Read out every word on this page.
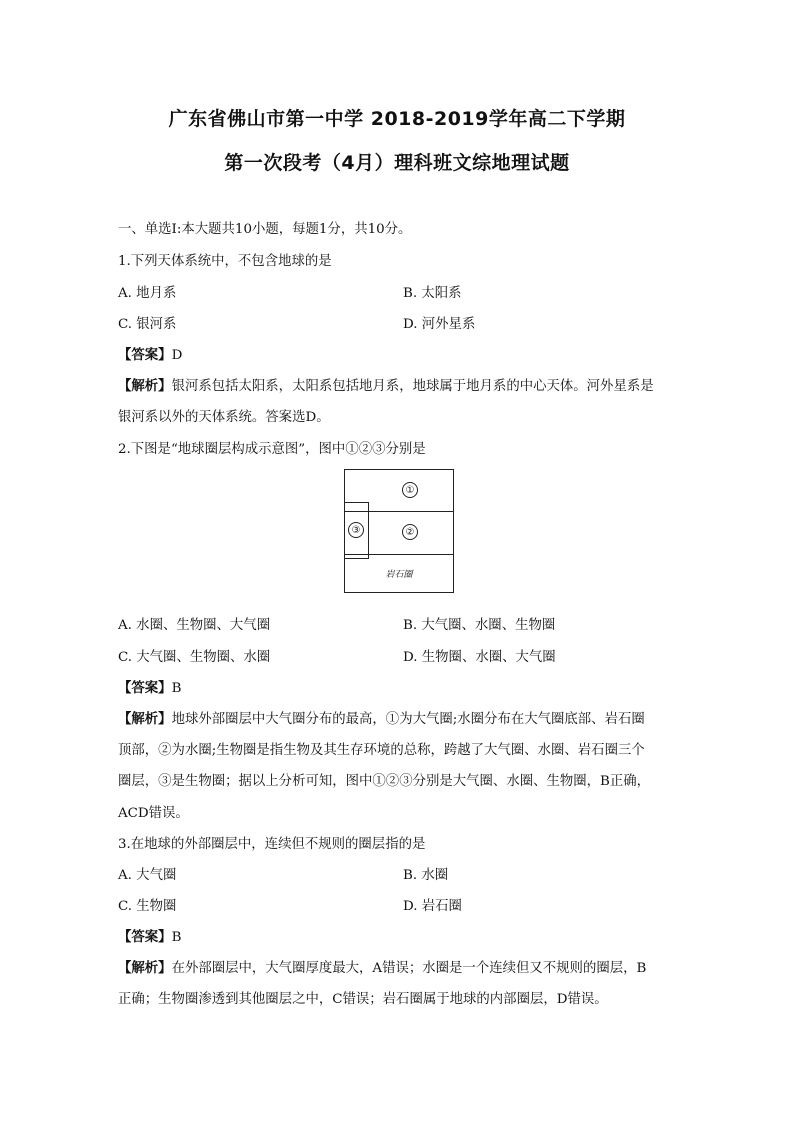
广东省佛山市第一中学 2018-2019学年高二下学期
第一次段考（4月）理科班文综地理试题
一、单选Ⅰ:本大题共10小题，每题1分，共10分。
1.下列天体系统中，不包含地球的是
A. 地月系	B. 太阳系
C. 银河系	D. 河外星系
【答案】D
【解析】银河系包括太阳系，太阳系包括地月系，地球属于地月系的中心天体。河外星系是
银河系以外的天体系统。答案选D。
2.下图是“地球圈层构成示意图”，图中①②③分别是
①
②
③
岩石圈
A. 水圈、生物圈、大气圈	B. 大气圈、水圈、生物圈
C. 大气圈、生物圈、水圈	D. 生物圈、水圈、大气圈
【答案】B
【解析】地球外部圈层中大气圈分布的最高，①为大气圈;水圈分布在大气圈底部、岩石圈
顶部，②为水圈;生物圈是指生物及其生存环境的总称，跨越了大气圈、水圈、岩石圈三个
圈层，③是生物圈；据以上分析可知，图中①②③分别是大气圈、水圈、生物圈，B正确，
ACD错误。
3.在地球的外部圈层中，连续但不规则的圈层指的是
A. 大气圈	B. 水圈
C. 生物圈	D. 岩石圈
【答案】B
【解析】在外部圈层中，大气圈厚度最大，A错误；水圈是一个连续但又不规则的圈层，B
正确；生物圈渗透到其他圈层之中，C错误；岩石圈属于地球的内部圈层，D错误。
